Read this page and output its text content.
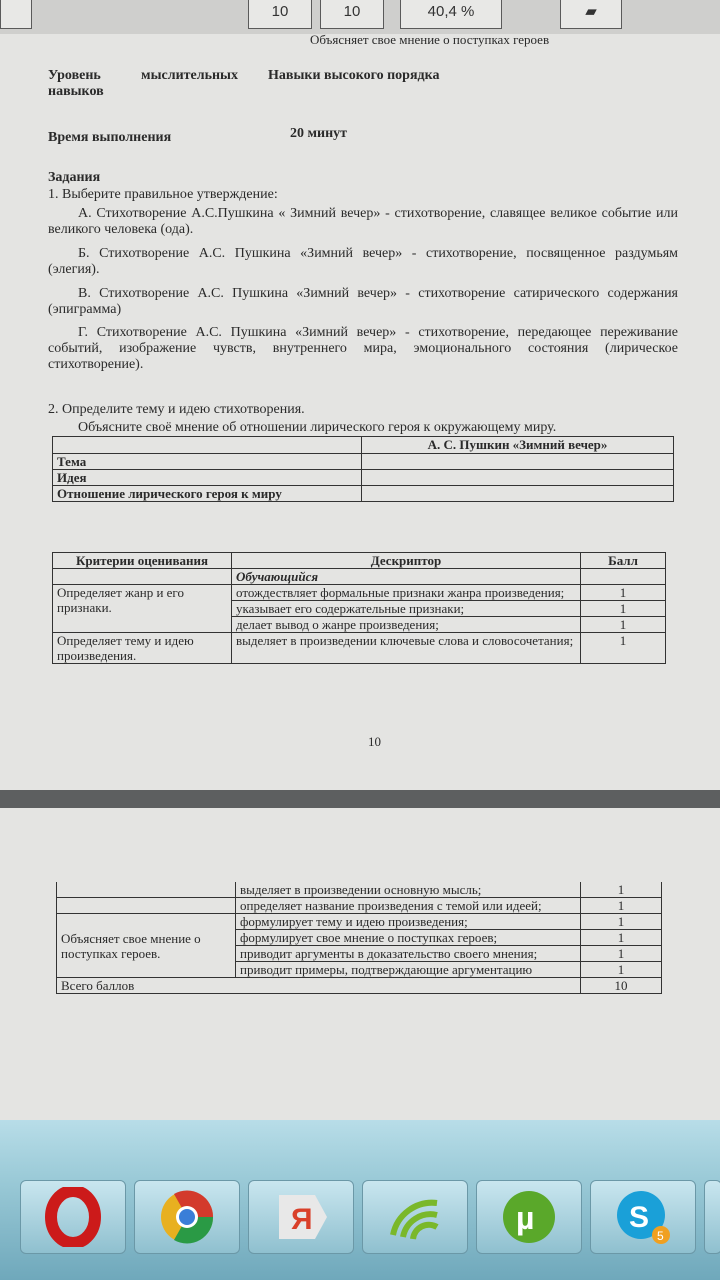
10	10	40,4 %	▰
Объясняет свое мнение о поступках героев
Уровень мыслительных навыков
Навыки высокого порядка
Время выполнения	20 минут
Задания
1. Выберите правильное утверждение:
А. Стихотворение А.С.Пушкина « Зимний вечер» - стихотворение, славящее великое событие или великого человека (ода).
Б. Стихотворение А.С. Пушкина «Зимний вечер» - стихотворение, посвященное раздумьям (элегия).
В. Стихотворение А.С. Пушкина «Зимний вечер» - стихотворение сатирического содержания (эпиграмма)
Г. Стихотворение А.С. Пушкина «Зимний вечер» - стихотворение, передающее переживание событий, изображение чувств, внутреннего мира, эмоционального состояния (лирическое стихотворение).
2. Определите тему и идею стихотворения.
Объясните своё мнение об отношении лирического героя к окружающему миру.
	А. С. Пушкин «Зимний вечер»
Тема	
Идея	
Отношение лирического героя к миру	
Критерии оценивания	Дескриптор	Балл
	Обучающийся	
Определяет жанр и его признаки.	отождествляет формальные признаки жанра произведения;	1
	указывает его содержательные признаки;	1
	делает вывод о жанре произведения;	1
Определяет тему и идею произведения.	выделяет в произведении ключевые слова и словосочетания;	1
10
	выделяет в произведении основную мысль;	1
	определяет название произведения с темой или идеей;	1
Объясняет свое мнение о поступках героев.	формулирует тему и идею произведения;	1
	формулирует свое мнение о поступках героев;	1
	приводит аргументы в доказательство своего мнения;	1
	приводит примеры, подтверждающие аргументацию	1
Всего баллов		10
Я	µ	S
5
